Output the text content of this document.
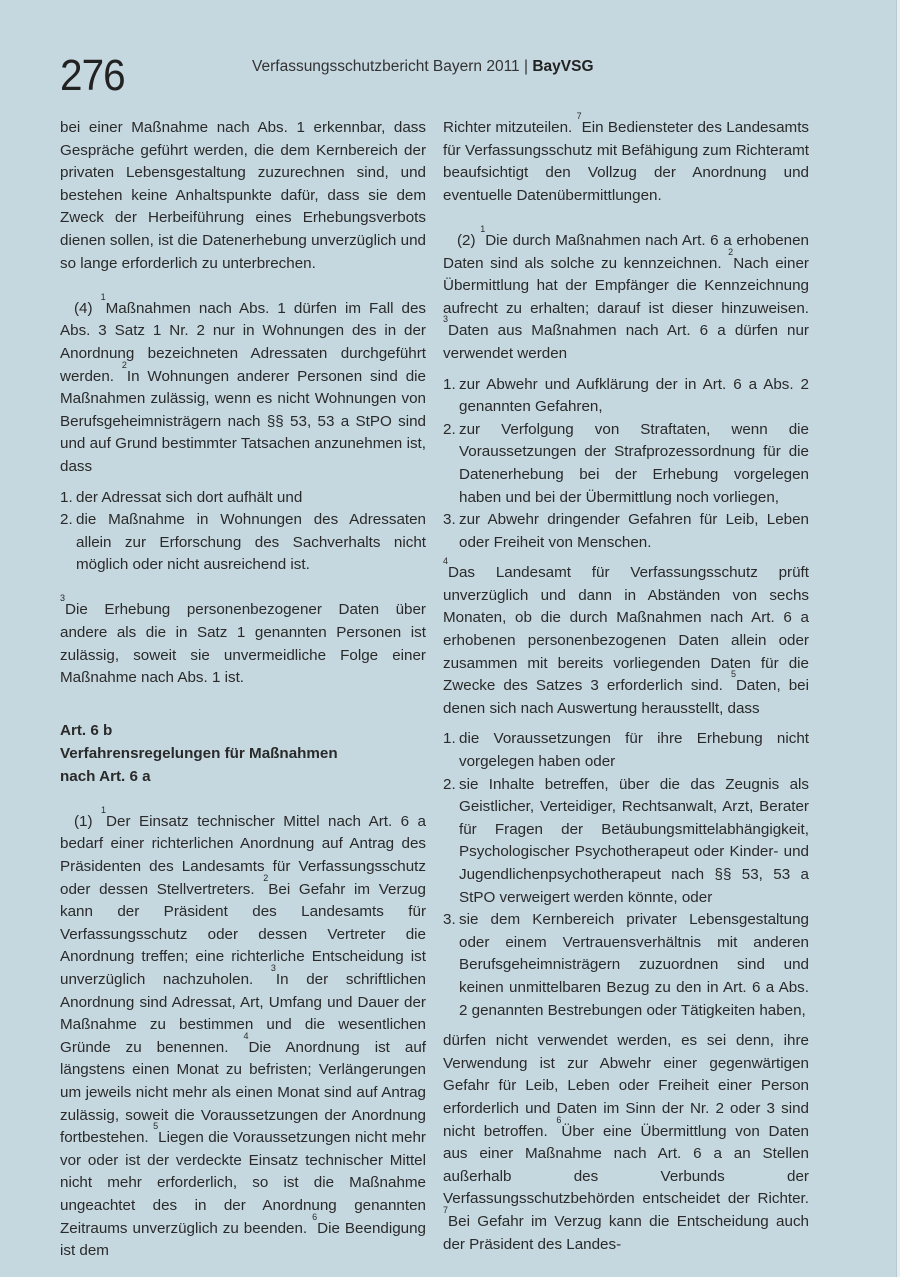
276	Verfassungsschutzbericht Bayern 2011 | BayVSG

bei einer Maßnahme nach Abs. 1 erkennbar, dass Gespräche geführt werden, die dem Kernbereich der privaten Lebensgestaltung zuzurechnen sind, und bestehen keine Anhaltspunkte dafür, dass sie dem Zweck der Herbeiführung eines Erhebungsverbots dienen sollen, ist die Datenerhebung unverzüglich und so lange erforderlich zu unterbrechen.

(4) $^1$Maßnahmen nach Abs. 1 dürfen im Fall des Abs. 3 Satz 1 Nr. 2 nur in Wohnungen des in der Anordnung bezeichneten Adressaten durchgeführt werden. $^2$In Wohnungen anderer Personen sind die Maßnahmen zulässig, wenn es nicht Wohnungen von Berufsgeheimnisträgern nach §§ 53, 53 a StPO sind und auf Grund bestimmter Tatsachen anzunehmen ist, dass

1. der Adressat sich dort aufhält und
2. die Maßnahme in Wohnungen des Adressaten allein zur Erforschung des Sachverhalts nicht möglich oder nicht ausreichend ist.

$^3$Die Erhebung personenbezogener Daten über andere als die in Satz 1 genannten Personen ist zulässig, soweit sie unvermeidliche Folge einer Maßnahme nach Abs. 1 ist.

Art. 6 b

Verfahrensregelungen für Maßnahmen

nach Art. 6 a

(1) $^1$Der Einsatz technischer Mittel nach Art. 6 a bedarf einer richterlichen Anordnung auf Antrag des Präsidenten des Landesamts für Verfassungsschutz oder dessen Stellvertreters. $^2$Bei Gefahr im Verzug kann der Präsident des Landesamts für Verfassungsschutz oder dessen Vertreter die Anordnung treffen; eine richterliche Entscheidung ist unverzüglich nachzuholen. $^3$In der schriftlichen Anordnung sind Adressat, Art, Umfang und Dauer der Maßnahme zu bestimmen und die wesentlichen Gründe zu benennen. $^4$Die Anordnung ist auf längstens einen Monat zu befristen; Verlängerungen um jeweils nicht mehr als einen Monat sind auf Antrag zulässig, soweit die Voraussetzungen der Anordnung fortbestehen. $^5$Liegen die Voraussetzungen nicht mehr vor oder ist der verdeckte Einsatz technischer Mittel nicht mehr erforderlich, so ist die Maßnahme ungeachtet des in der Anordnung genannten Zeitraums unverzüglich zu beenden. $^6$Die Beendigung ist dem

Richter mitzuteilen. $^7$Ein Bediensteter des Landesamts für Verfassungsschutz mit Befähigung zum Richteramt beaufsichtigt den Vollzug der Anordnung und eventuelle Datenübermittlungen.

(2) $^1$Die durch Maßnahmen nach Art. 6 a erhobenen Daten sind als solche zu kennzeichnen. $^2$Nach einer Übermittlung hat der Empfänger die Kennzeichnung aufrecht zu erhalten; darauf ist dieser hinzuweisen. $^3$Daten aus Maßnahmen nach Art. 6 a dürfen nur verwendet werden

1. zur Abwehr und Aufklärung der in Art. 6 a Abs. 2 genannten Gefahren,
2. zur Verfolgung von Straftaten, wenn die Voraussetzungen der Strafprozessordnung für die Datenerhebung bei der Erhebung vorgelegen haben und bei der Übermittlung noch vorliegen,
3. zur Abwehr dringender Gefahren für Leib, Leben oder Freiheit von Menschen.

$^4$Das Landesamt für Verfassungsschutz prüft unverzüglich und dann in Abständen von sechs Monaten, ob die durch Maßnahmen nach Art. 6 a erhobenen personenbezogenen Daten allein oder zusammen mit bereits vorliegenden Daten für die Zwecke des Satzes 3 erforderlich sind. $^5$Daten, bei denen sich nach Auswertung herausstellt, dass

1. die Voraussetzungen für ihre Erhebung nicht vorgelegen haben oder
2. sie Inhalte betreffen, über die das Zeugnis als Geistlicher, Verteidiger, Rechtsanwalt, Arzt, Berater für Fragen der Betäubungsmittelabhängigkeit, Psychologischer Psychotherapeut oder Kinder- und Jugendlichenpsychotherapeut nach §§ 53, 53 a StPO verweigert werden könnte, oder
3. sie dem Kernbereich privater Lebensgestaltung oder einem Vertrauensverhältnis mit anderen Berufsgeheimnisträgern zuzuordnen sind und keinen unmittelbaren Bezug zu den in Art. 6 a Abs. 2 genannten Bestrebungen oder Tätigkeiten haben,

dürfen nicht verwendet werden, es sei denn, ihre Verwendung ist zur Abwehr einer gegenwärtigen Gefahr für Leib, Leben oder Freiheit einer Person erforderlich und Daten im Sinn der Nr. 2 oder 3 sind nicht betroffen. $^6$Über eine Übermittlung von Daten aus einer Maßnahme nach Art. 6 a an Stellen außerhalb des Verbunds der Verfassungsschutzbehörden entscheidet der Richter. $^7$Bei Gefahr im Verzug kann die Entscheidung auch der Präsident des Landes-
